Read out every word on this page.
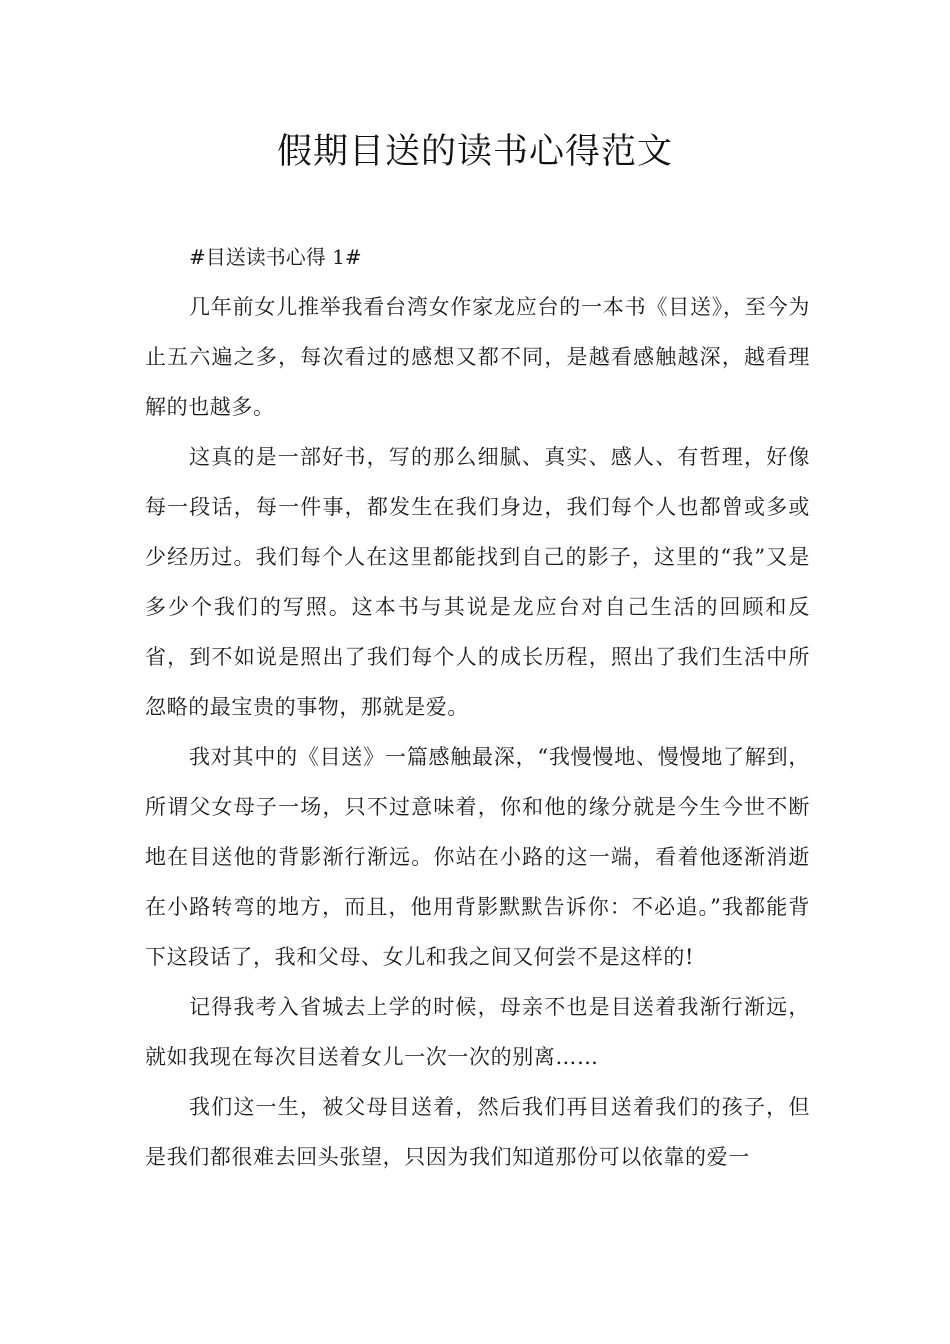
假期目送的读书心得范文

#目送读书心得 1#

几年前女儿推举我看台湾女作家龙应台的一本书《目送》，至今为止五六遍之多，每次看过的感想又都不同，是越看感触越深，越看理解的也越多。

这真的是一部好书，写的那么细腻、真实、感人、有哲理，好像每一段话，每一件事，都发生在我们身边，我们每个人也都曾或多或少经历过。我们每个人在这里都能找到自己的影子，这里的“我”又是多少个我们的写照。这本书与其说是龙应台对自己生活的回顾和反省，到不如说是照出了我们每个人的成长历程，照出了我们生活中所忽略的最宝贵的事物，那就是爱。

我对其中的《目送》一篇感触最深，“我慢慢地、慢慢地了解到，所谓父女母子一场，只不过意味着，你和他的缘分就是今生今世不断地在目送他的背影渐行渐远。你站在小路的这一端，看着他逐渐消逝在小路转弯的地方，而且，他用背影默默告诉你：不必追。”我都能背下这段话了，我和父母、女儿和我之间又何尝不是这样的!

记得我考入省城去上学的时候，母亲不也是目送着我渐行渐远，就如我现在每次目送着女儿一次一次的别离……

我们这一生，被父母目送着，然后我们再目送着我们的孩子，但是我们都很难去回头张望，只因为我们知道那份可以依靠的爱一
